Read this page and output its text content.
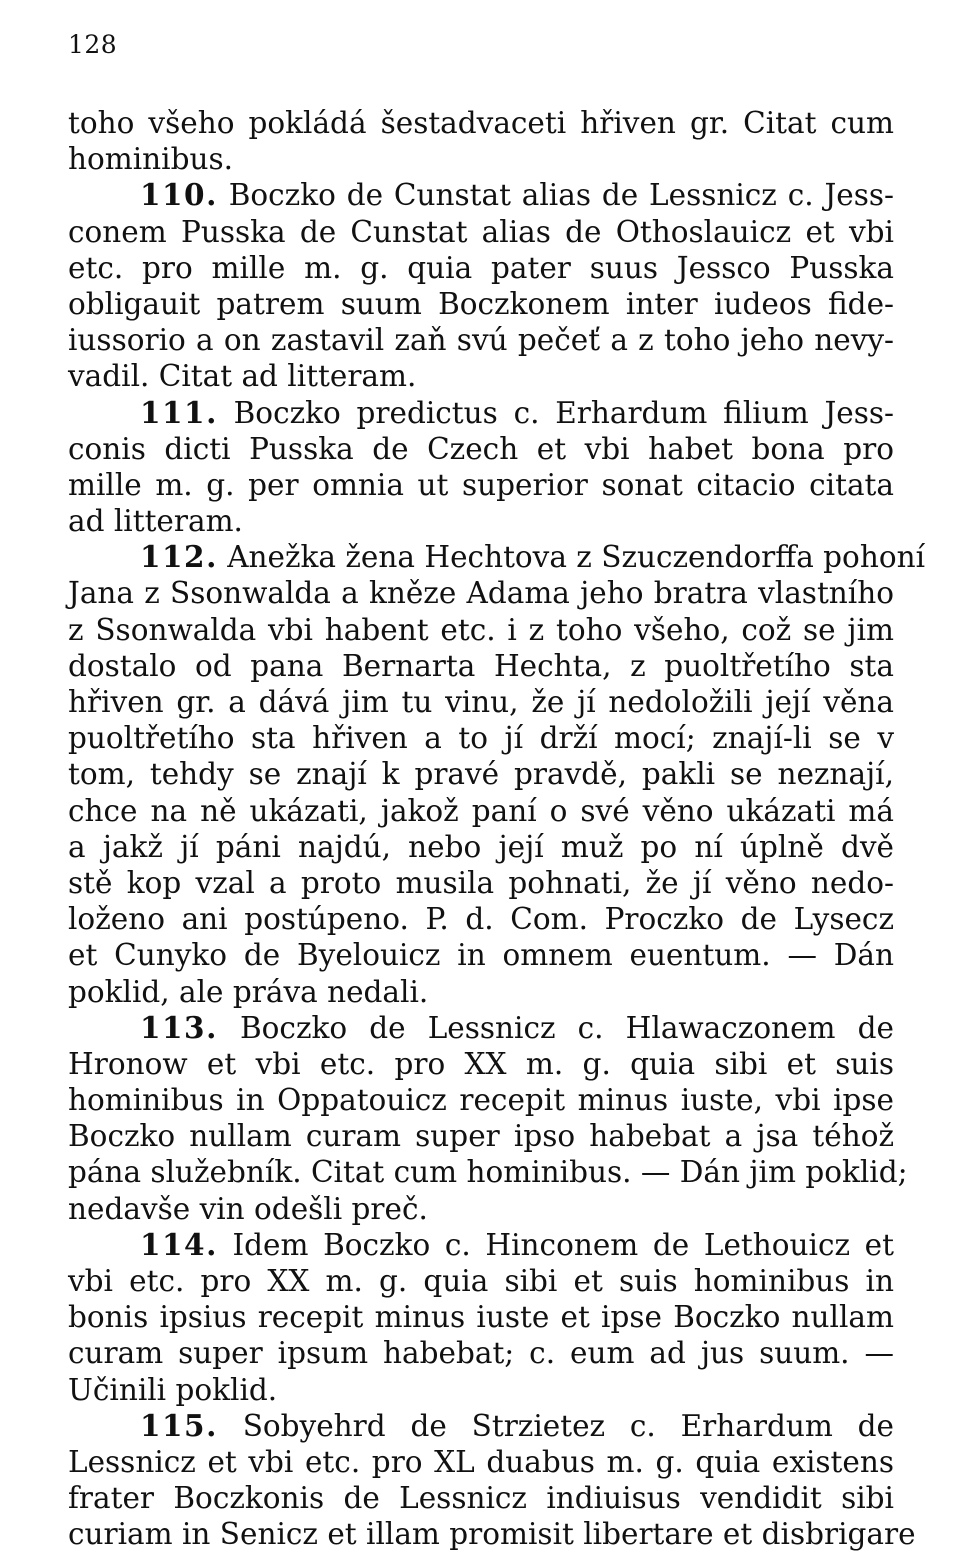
128
toho všeho pokládá šestadvaceti hřiven gr. Citat cum
hominibus.
110. Boczko de Cunstat alias de Lessnicz c. Jess-
conem Pusska de Cunstat alias de Othoslauicz et vbi
etc. pro mille m. g. quia pater suus Jessco Pusska
obligauit patrem suum Boczkonem inter iudeos fide-
iussorio a on zastavil zaň svú pečeť a z toho jeho nevy-
vadil. Citat ad litteram.
111. Boczko predictus c. Erhardum filium Jess-
conis dicti Pusska de Czech et vbi habet bona pro
mille m. g. per omnia ut superior sonat citacio citata
ad litteram.
112. Anežka žena Hechtova z Szuczendorffa pohoní
Jana z Ssonwalda a kněze Adama jeho bratra vlastního
z Ssonwalda vbi habent etc. i z toho všeho, což se jim
dostalo od pana Bernarta Hechta, z puoltřetího sta
hřiven gr. a dává jim tu vinu, že jí nedoložili její věna
puoltřetího sta hřiven a to jí drží mocí; znají-li se v
tom, tehdy se znají k pravé pravdě, pakli se neznají,
chce na ně ukázati, jakož paní o své věno ukázati má
a jakž jí páni najdú, nebo její muž po ní úplně dvě
stě kop vzal a proto musila pohnati, že jí věno nedo-
loženo ani postúpeno. P. d. Com. Proczko de Lysecz
et Cunyko de Byelouicz in omnem euentum. — Dán
poklid, ale práva nedali.
113. Boczko de Lessnicz c. Hlawaczonem de
Hronow et vbi etc. pro XX m. g. quia sibi et suis
hominibus in Oppatouicz recepit minus iuste, vbi ipse
Boczko nullam curam super ipso habebat a jsa téhož
pána služebník. Citat cum hominibus. — Dán jim poklid;
nedavše vin odešli preč.
114. Idem Boczko c. Hinconem de Lethouicz et
vbi etc. pro XX m. g. quia sibi et suis hominibus in
bonis ipsius recepit minus iuste et ipse Boczko nullam
curam super ipsum habebat; c. eum ad jus suum. —
Učinili poklid.
115. Sobyehrd de Strzietez c. Erhardum de
Lessnicz et vbi etc. pro XL duabus m. g. quia existens
frater Boczkonis de Lessnicz indiuisus vendidit sibi
curiam in Senicz et illam promisit libertare et disbrigare
